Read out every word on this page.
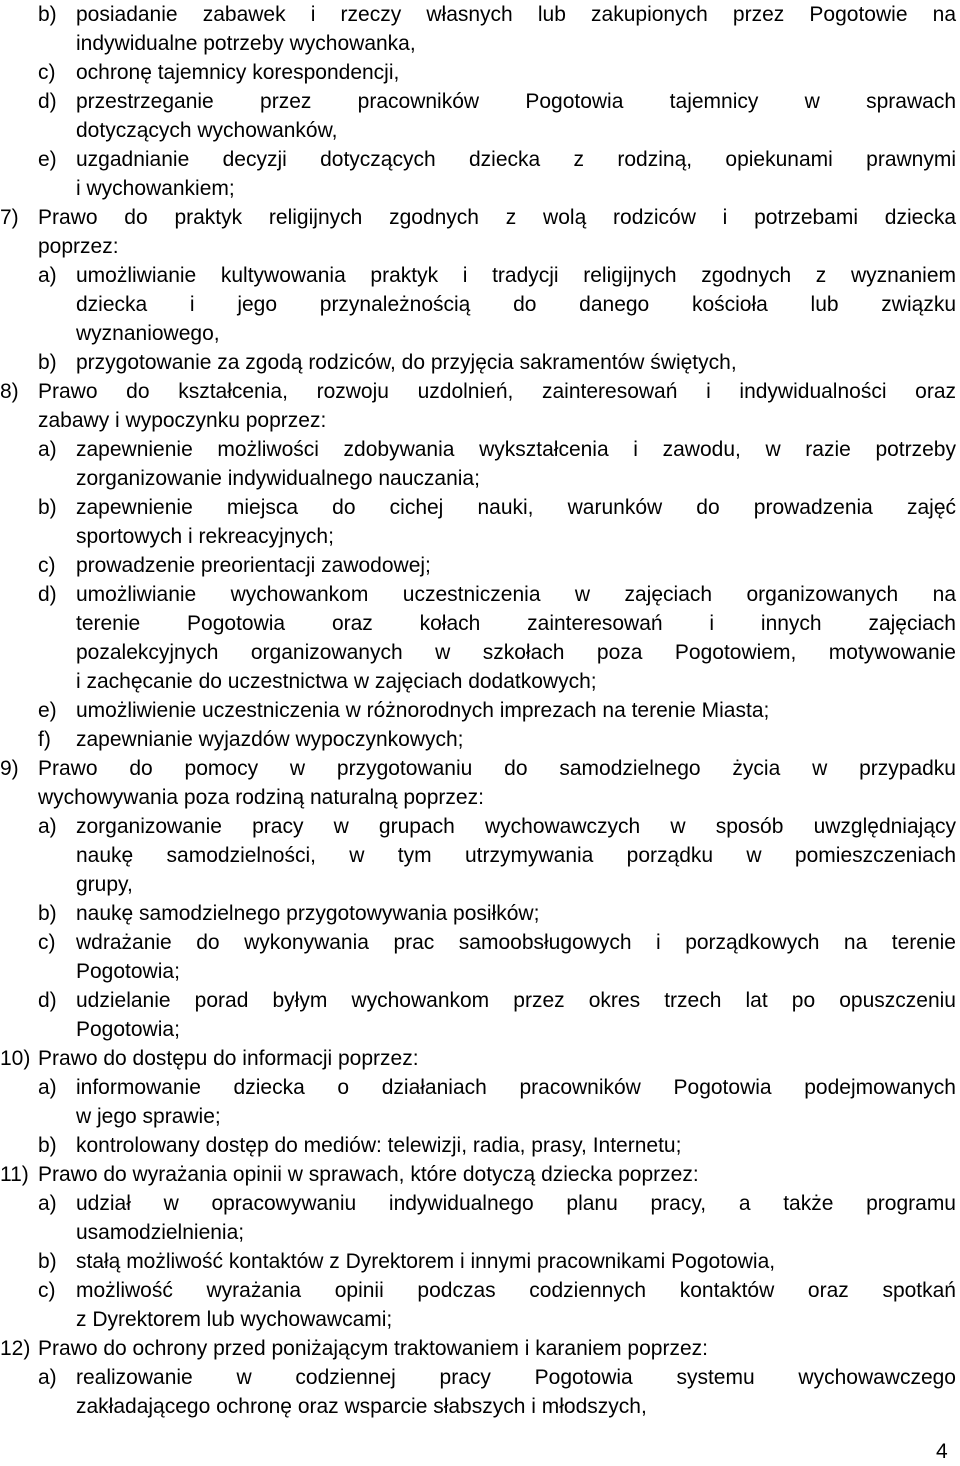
b) posiadanie zabawek i rzeczy własnych lub zakupionych przez Pogotowie na
indywidualne potrzeby wychowanka,
c) ochronę tajemnicy korespondencji,
d) przestrzeganie przez pracowników Pogotowia tajemnicy w sprawach
dotyczących wychowanków,
e) uzgadnianie decyzji dotyczących dziecka z rodziną, opiekunami prawnymi
i wychowankiem;
7) Prawo do praktyk religijnych zgodnych z wolą rodziców i potrzebami dziecka
poprzez:
a) umożliwianie kultywowania praktyk i tradycji religijnych zgodnych z wyznaniem
dziecka i jego przynależnością do danego kościoła lub związku
wyznaniowego,
b) przygotowanie za zgodą rodziców, do przyjęcia sakramentów świętych,
8) Prawo do kształcenia, rozwoju uzdolnień, zainteresowań i indywidualności oraz
zabawy i wypoczynku poprzez:
a) zapewnienie możliwości zdobywania wykształcenia i zawodu, w razie potrzeby
zorganizowanie indywidualnego nauczania;
b) zapewnienie miejsca do cichej nauki, warunków do prowadzenia zajęć
sportowych i rekreacyjnych;
c) prowadzenie preorientacji zawodowej;
d) umożliwianie wychowankom uczestniczenia w zajęciach organizowanych na
terenie Pogotowia oraz kołach zainteresowań i innych zajęciach
pozalekcyjnych organizowanych w szkołach poza Pogotowiem, motywowanie
i zachęcanie do uczestnictwa w zajęciach dodatkowych;
e) umożliwienie uczestniczenia w różnorodnych imprezach na terenie Miasta;
f) zapewnianie wyjazdów wypoczynkowych;
9) Prawo do pomocy w przygotowaniu do samodzielnego życia w przypadku
wychowywania poza rodziną naturalną poprzez:
a) zorganizowanie pracy w grupach wychowawczych w sposób uwzględniający
naukę samodzielności, w tym utrzymywania porządku w pomieszczeniach
grupy,
b) naukę samodzielnego przygotowywania posiłków;
c) wdrażanie do wykonywania prac samoobsługowych i porządkowych na terenie
Pogotowia;
d) udzielanie porad byłym wychowankom przez okres trzech lat po opuszczeniu
Pogotowia;
10) Prawo do dostępu do informacji poprzez:
a) informowanie dziecka o działaniach pracowników Pogotowia podejmowanych
w jego sprawie;
b) kontrolowany dostęp do mediów: telewizji, radia, prasy, Internetu;
11) Prawo do wyrażania opinii w sprawach, które dotyczą dziecka poprzez:
a) udział w opracowywaniu indywidualnego planu pracy, a także programu
usamodzielnienia;
b) stałą możliwość kontaktów z Dyrektorem i innymi pracownikami Pogotowia,
c) możliwość wyrażania opinii podczas codziennych kontaktów oraz spotkań
z Dyrektorem lub wychowawcami;
12) Prawo do ochrony przed poniżającym traktowaniem i karaniem poprzez:
a) realizowanie w codziennej pracy Pogotowia systemu wychowawczego
zakładającego ochronę oraz wsparcie słabszych i młodszych,
4
